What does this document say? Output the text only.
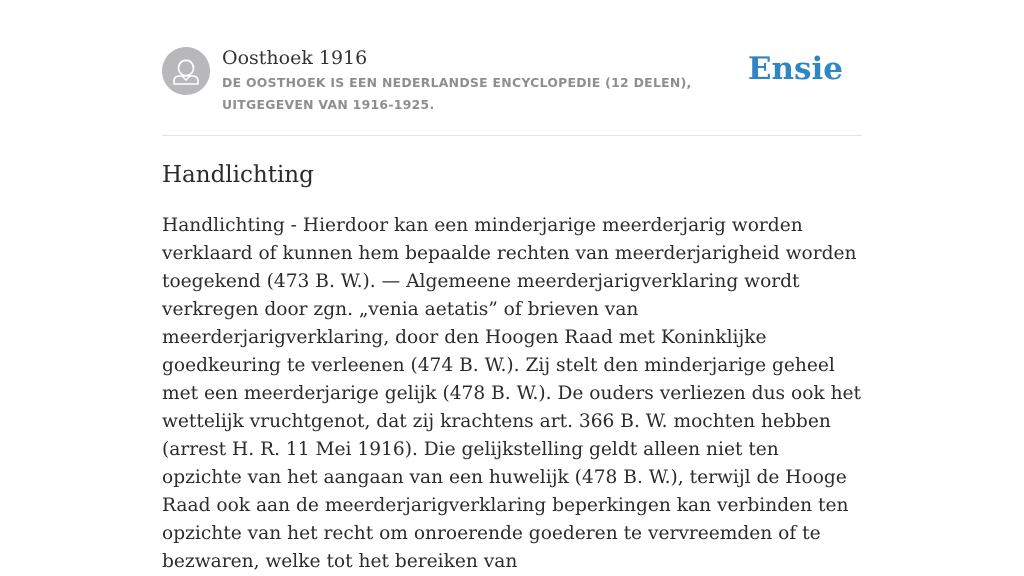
Oosthoek 1916
DE OOSTHOEK IS EEN NEDERLANDSE ENCYCLOPEDIE (12 DELEN), UITGEGEVEN VAN 1916-1925.
Ensie
Handlichting

Handlichting - Hierdoor kan een minderjarige meerderjarig worden verklaard of kunnen hem bepaalde rechten van meerderjarigheid worden toegekend (473 B. W.). — Algemeene meerderjarigverklaring wordt verkregen door zgn. „venia aetatis” of brieven van meerderjarigverklaring, door den Hoogen Raad met Koninklijke goedkeuring te verleenen (474 B. W.). Zij stelt den minderjarige geheel met een meerderjarige gelijk (478 B. W.). De ouders verliezen dus ook het wettelijk vruchtgenot, dat zij krachtens art. 366 B. W. mochten hebben (arrest H. R. 11 Mei 1916). Die gelijkstelling geldt alleen niet ten opzichte van het aangaan van een huwelijk (478 B. W.), terwijl de Hooge Raad ook aan de meerderjarigverklaring beperkingen kan verbinden ten opzichte van het recht om onroerende goederen te vervreemden of te bezwaren, welke tot het bereiken van
